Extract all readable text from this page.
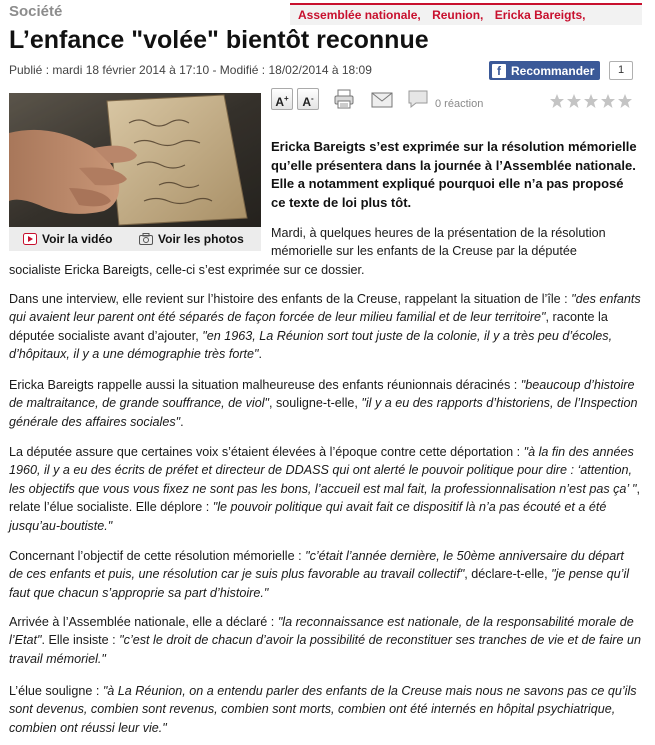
Société	Assemblée nationale, Reunion, Ericka Bareigts,
L’enfance "volée" bientôt reconnue
Publié : mardi 18 février 2014 à 17:10 - Modifié : 18/02/2014 à 18:09	f Recommander	1
Voir la vidéo	Voir les photos
A+	A-	0 réaction
Ericka Bareigts s’est exprimée sur la résolution mémorielle qu’elle présentera dans la journée à l’Assemblée nationale. Elle a notamment expliqué pourquoi elle n’a pas proposé ce texte de loi plus tôt.
Mardi, à quelques heures de la présentation de la résolution mémorielle sur les enfants de la Creuse par la députée
socialiste Ericka Bareigts, celle-ci s’est exprimée sur ce dossier.
Dans une interview, elle revient sur l’histoire des enfants de la Creuse, rappelant la situation de l’île : "des enfants qui avaient leur parent ont été séparés de façon forcée de leur milieu familial et de leur territoire", raconte la députée socialiste avant d’ajouter, "en 1963, La Réunion sort tout juste de la colonie, il y a très peu d’écoles, d’hôpitaux, il y a une démographie très forte".
Ericka Bareigts rappelle aussi la situation malheureuse des enfants réunionnais déracinés : "beaucoup d’histoire de maltraitance, de grande souffrance, de viol", souligne-t-elle, "il y a eu des rapports d’historiens, de l’Inspection générale des affaires sociales".
La députée assure que certaines voix s’étaient élevées à l’époque contre cette déportation : "à la fin des années 1960, il y a eu des écrits de préfet et directeur de DDASS qui ont alerté le pouvoir politique pour dire : ‘attention, les objectifs que vous vous fixez ne sont pas les bons, l’accueil est mal fait, la professionnalisation n’est pas ça’ ", relate l’élue socialiste. Elle déplore : "le pouvoir politique qui avait fait ce dispositif là n’a pas écouté et a été jusqu’au-boutiste."
Concernant l’objectif de cette résolution mémorielle : "c’était l’année dernière, le 50ème anniversaire du départ de ces enfants et puis, une résolution car je suis plus favorable au travail collectif", déclare-t-elle, "je pense qu’il faut que chacun s’approprie sa part d’histoire."
Arrivée à l’Assemblée nationale, elle a déclaré : "la reconnaissance est nationale, de la responsabilité morale de l’Etat". Elle insiste : "c’est le droit de chacun d’avoir la possibilité de reconstituer ses tranches de vie et de faire un travail mémoriel."
L’élue souligne : "à La Réunion, on a entendu parler des enfants de la Creuse mais nous ne savons pas ce qu’ils sont devenus, combien sont revenus, combien sont morts, combien ont été internés en hôpital psychiatrique, combien ont réussi leur vie."
